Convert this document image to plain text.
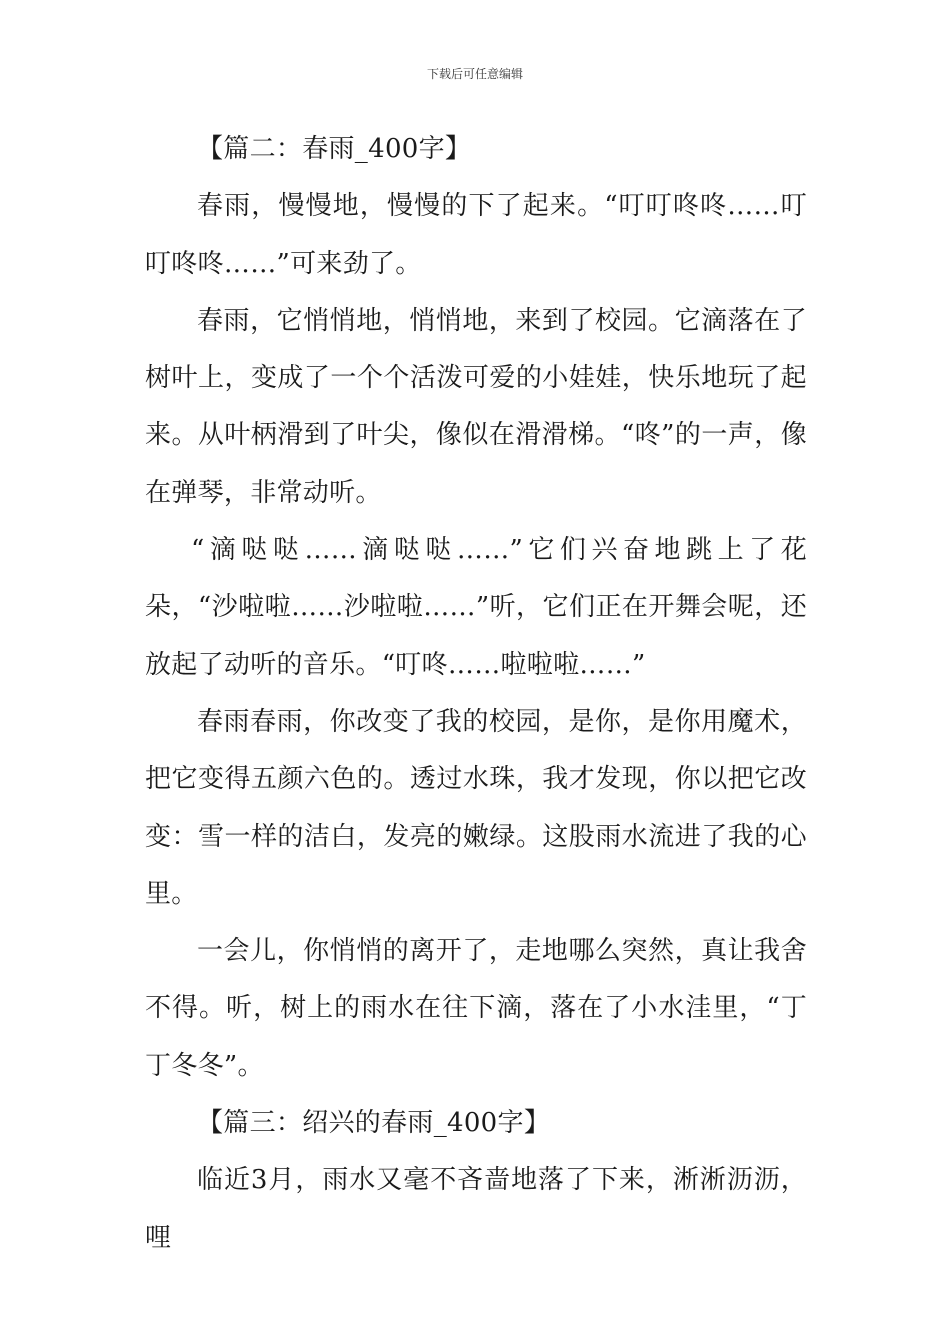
下载后可任意编辑

【篇二：春雨_400字】

春雨，慢慢地，慢慢的下了起来。“叮叮咚咚……叮叮咚咚……”可来劲了。

春雨，它悄悄地，悄悄地，来到了校园。它滴落在了树叶上，变成了一个个活泼可爱的小娃娃，快乐地玩了起来。从叶柄滑到了叶尖，像似在滑滑梯。“咚”的一声，像在弹琴，非常动听。

“滴哒哒……滴哒哒……”它们兴奋地跳上了花朵，“沙啦啦……沙啦啦……”听，它们正在开舞会呢，还放起了动听的音乐。“叮咚……啦啦啦……”

春雨春雨，你改变了我的校园，是你，是你用魔术，把它变得五颜六色的。透过水珠，我才发现，你以把它改变：雪一样的洁白，发亮的嫩绿。这股雨水流进了我的心里。

一会儿，你悄悄的离开了，走地哪么突然，真让我舍不得。听，树上的雨水在往下滴，落在了小水洼里，“丁丁冬冬”。

【篇三：绍兴的春雨_400字】

临近3月，雨水又毫不吝啬地落了下来，淅淅沥沥，哩
